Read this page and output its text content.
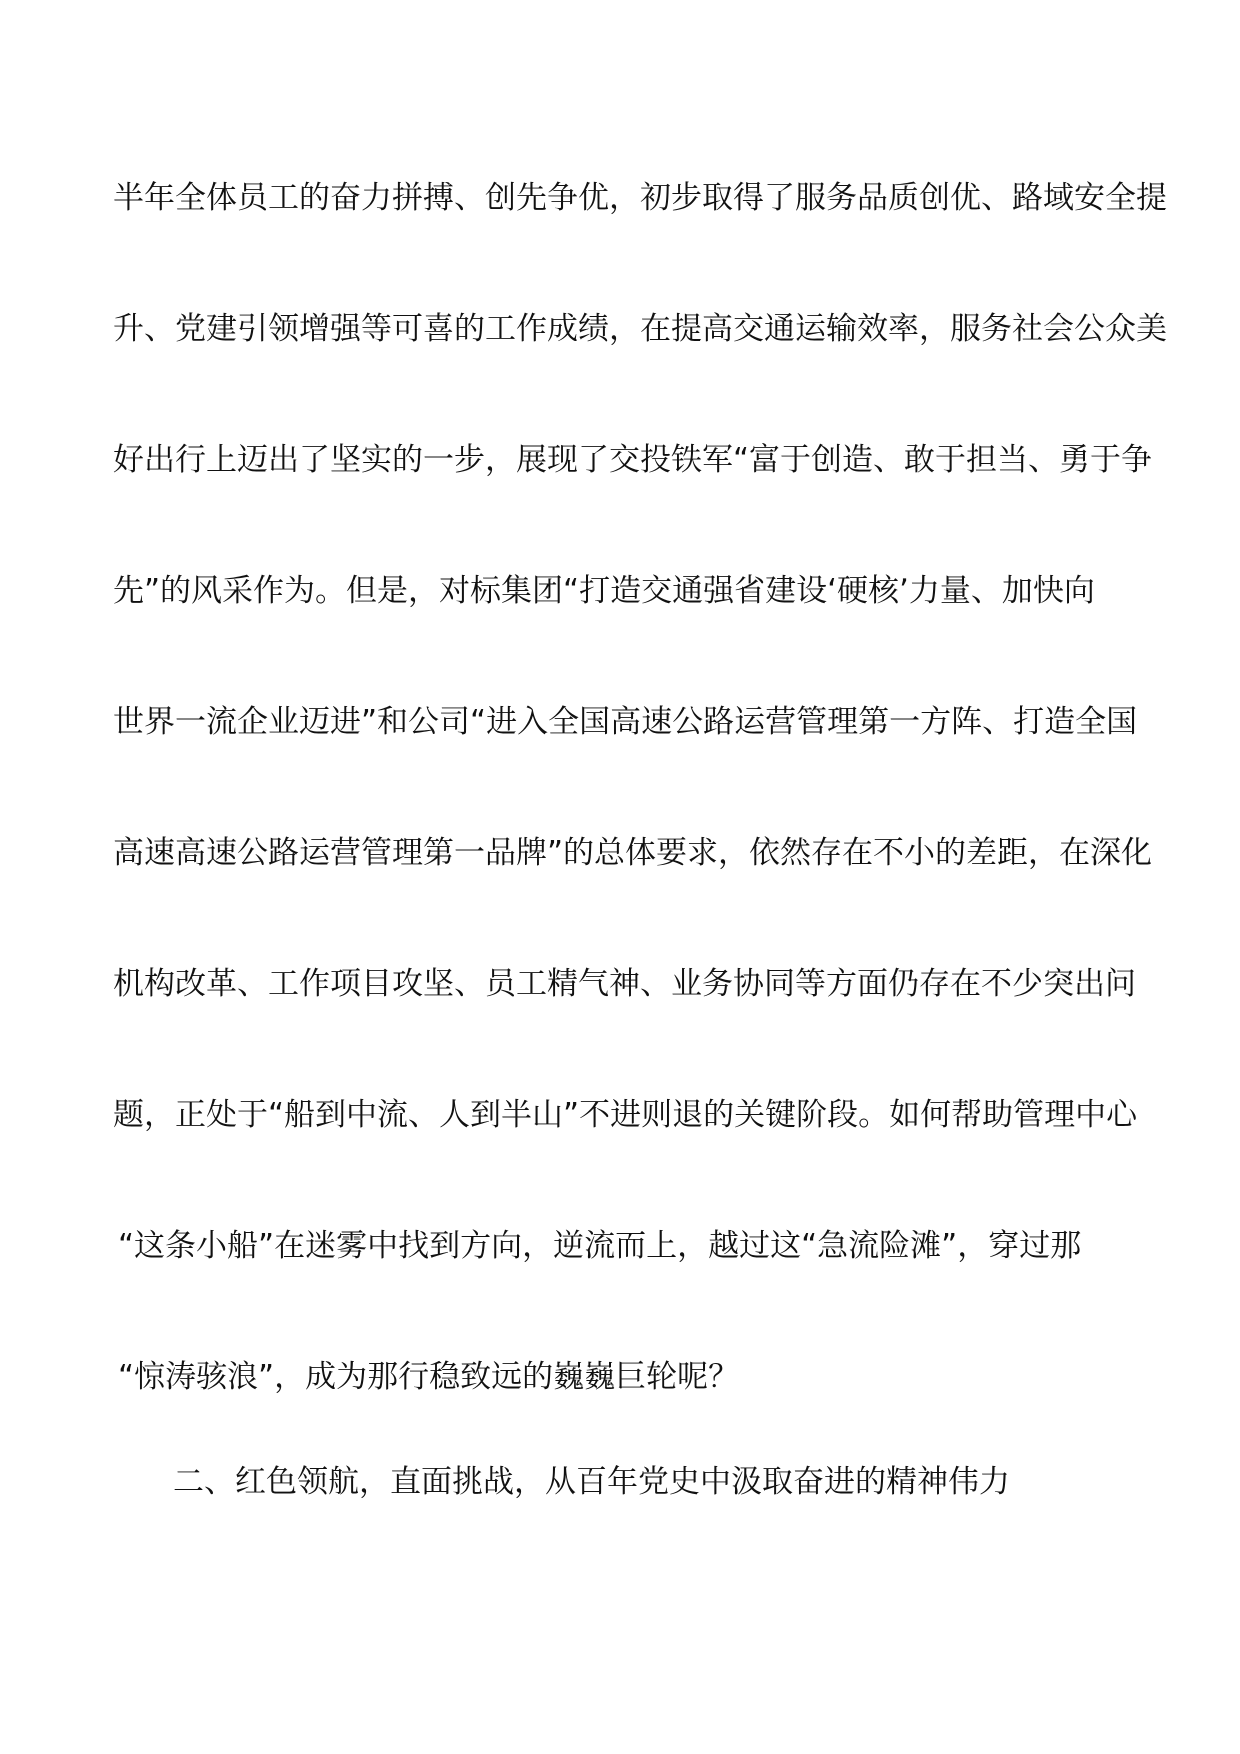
半年全体员工的奋力拼搏、创先争优，初步取得了服务品质创优、路域安全提
升、党建引领增强等可喜的工作成绩，在提高交通运输效率，服务社会公众美
好出行上迈出了坚实的一步，展现了交投铁军“富于创造、敢于担当、勇于争
先”的风采作为。但是，对标集团“打造交通强省建设‘硬核’力量、加快向
世界一流企业迈进”和公司“进入全国高速公路运营管理第一方阵、打造全国
高速高速公路运营管理第一品牌”的总体要求，依然存在不小的差距，在深化
机构改革、工作项目攻坚、员工精气神、业务协同等方面仍存在不少突出问
题，正处于“船到中流、人到半山”不进则退的关键阶段。如何帮助管理中心
“这条小船”在迷雾中找到方向，逆流而上，越过这“急流险滩”，穿过那
“惊涛骇浪”，成为那行稳致远的巍巍巨轮呢？
二、红色领航，直面挑战，从百年党史中汲取奋进的精神伟力
